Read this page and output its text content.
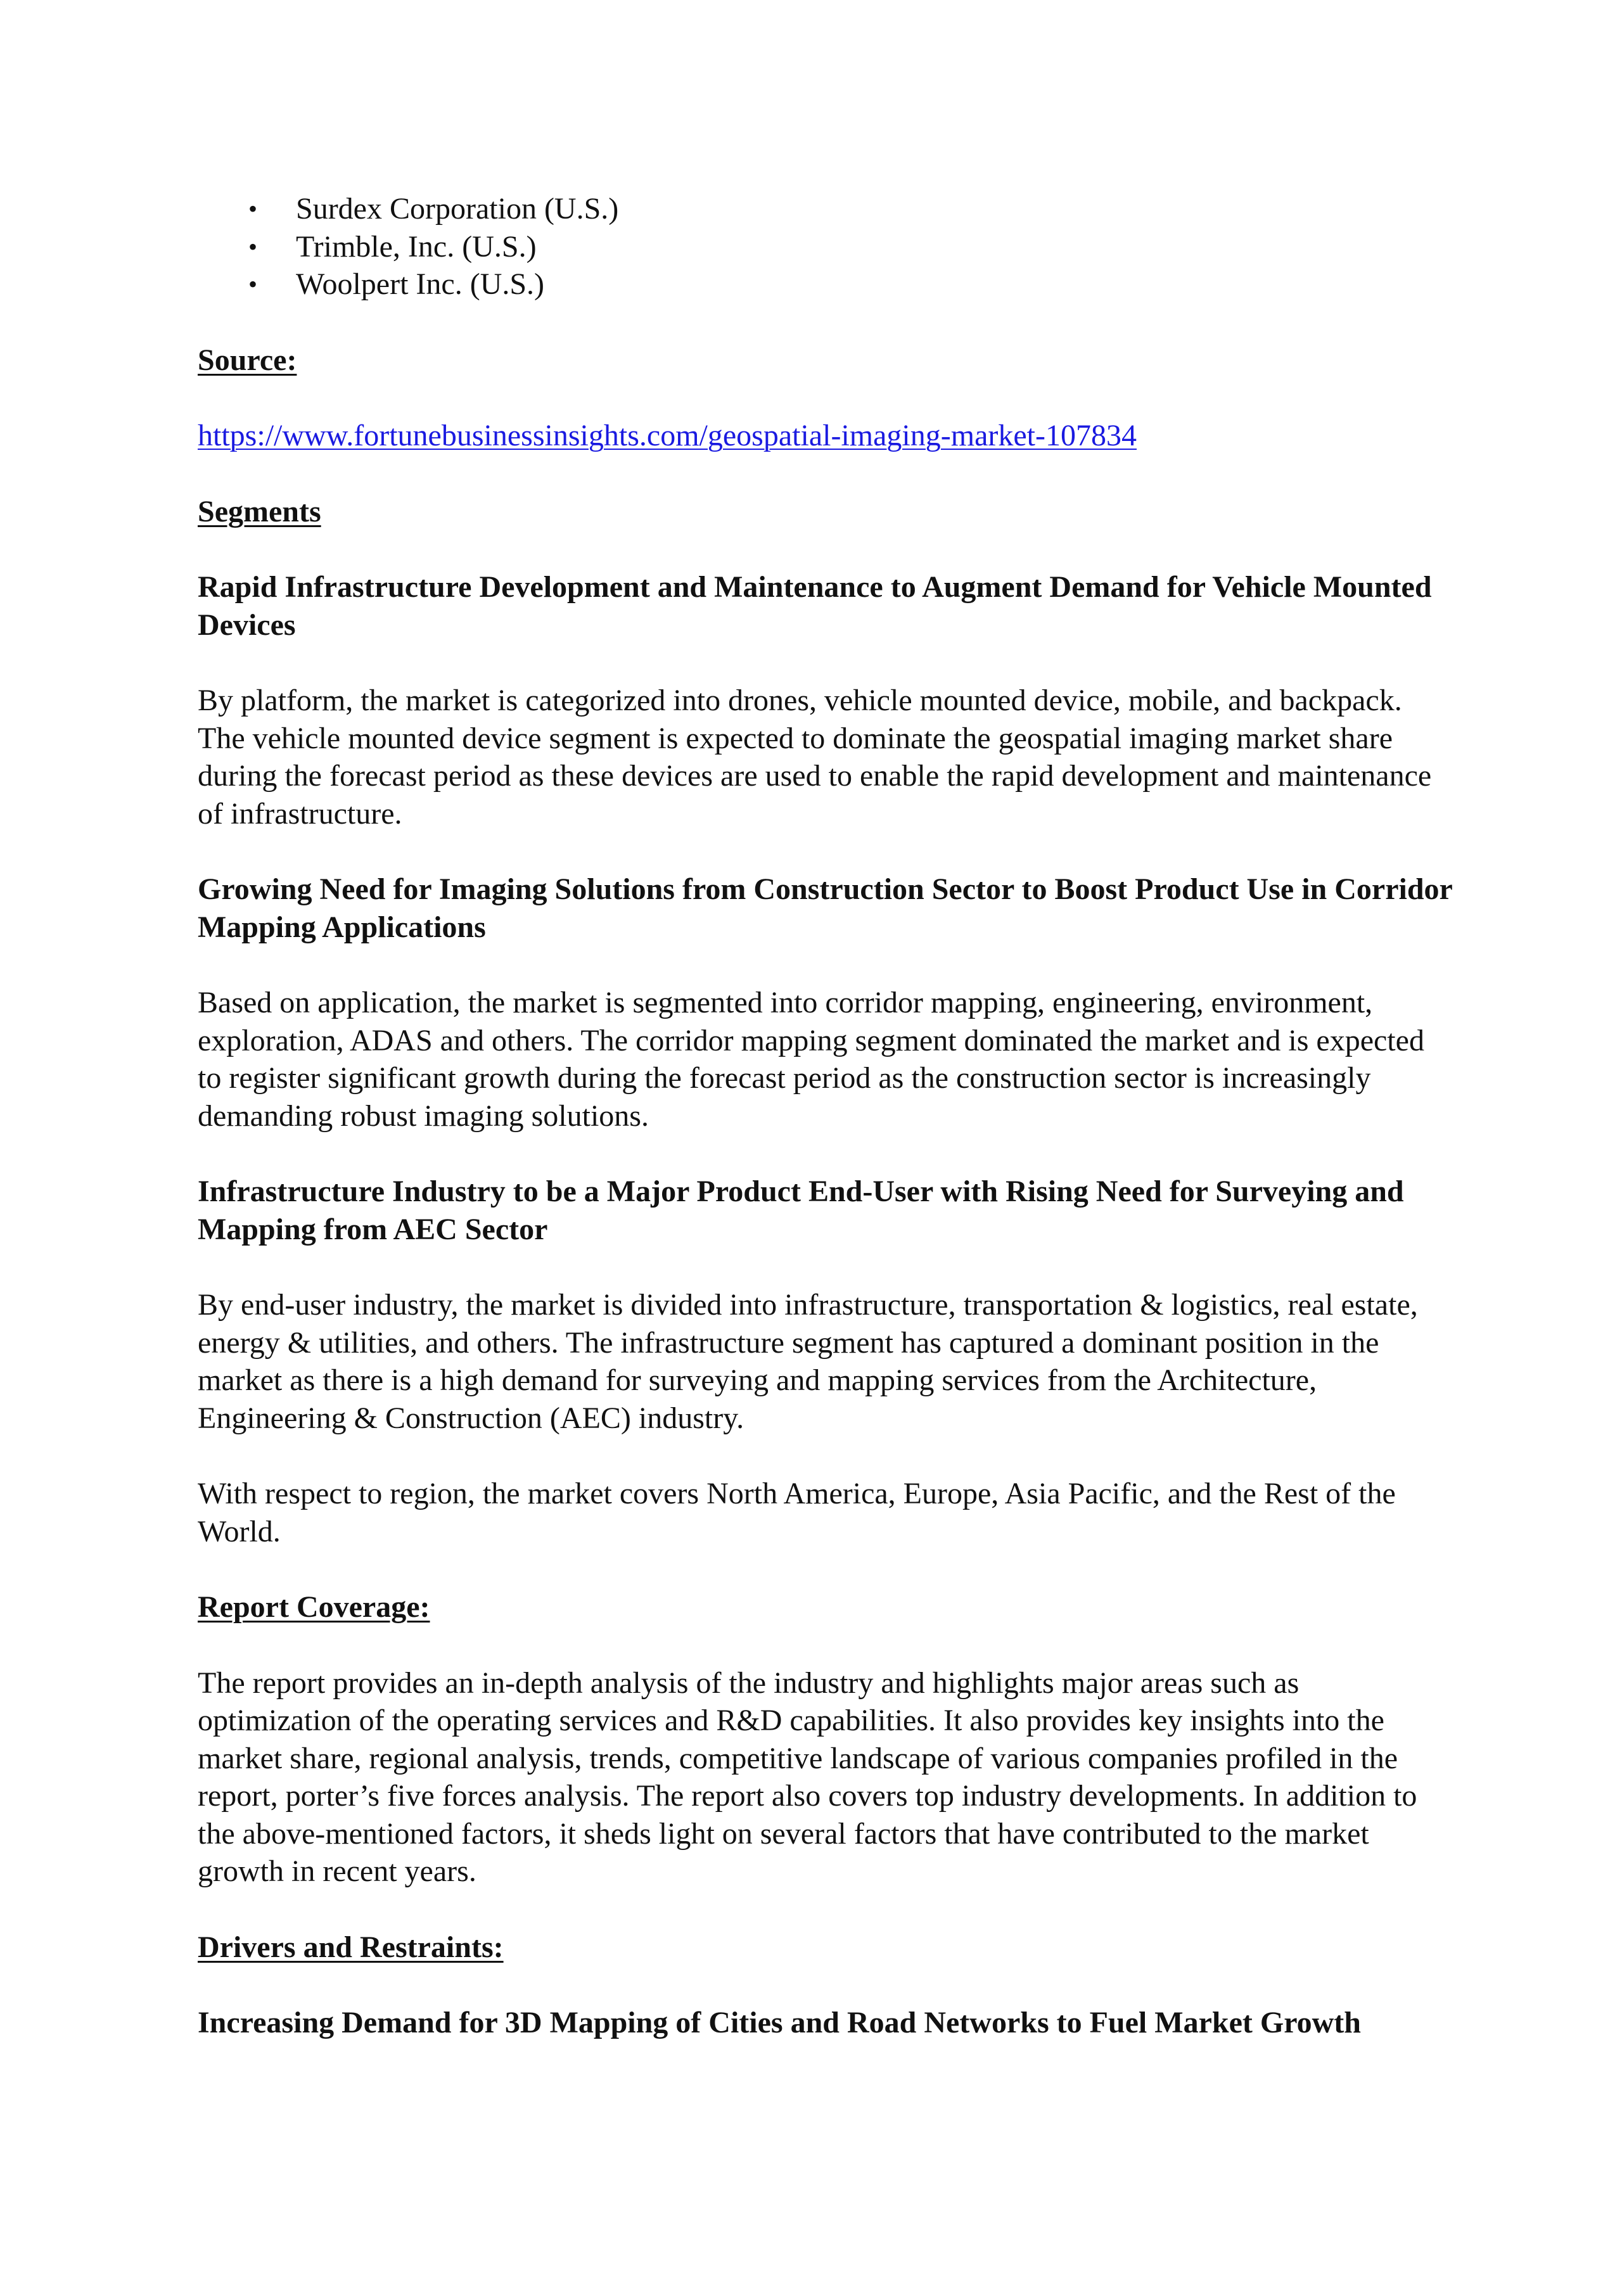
• Surdex Corporation (U.S.)
• Trimble, Inc. (U.S.)
• Woolpert Inc. (U.S.)

Source:

https://www.fortunebusinessinsights.com/geospatial-imaging-market-107834

Segments

Rapid Infrastructure Development and Maintenance to Augment Demand for Vehicle Mounted Devices

By platform, the market is categorized into drones, vehicle mounted device, mobile, and backpack. The vehicle mounted device segment is expected to dominate the geospatial imaging market share during the forecast period as these devices are used to enable the rapid development and maintenance of infrastructure.

Growing Need for Imaging Solutions from Construction Sector to Boost Product Use in Corridor Mapping Applications

Based on application, the market is segmented into corridor mapping, engineering, environment, exploration, ADAS and others. The corridor mapping segment dominated the market and is expected to register significant growth during the forecast period as the construction sector is increasingly demanding robust imaging solutions.

Infrastructure Industry to be a Major Product End-User with Rising Need for Surveying and Mapping from AEC Sector

By end-user industry, the market is divided into infrastructure, transportation & logistics, real estate, energy & utilities, and others. The infrastructure segment has captured a dominant position in the market as there is a high demand for surveying and mapping services from the Architecture, Engineering & Construction (AEC) industry.

With respect to region, the market covers North America, Europe, Asia Pacific, and the Rest of the World.

Report Coverage:

The report provides an in-depth analysis of the industry and highlights major areas such as optimization of the operating services and R&D capabilities. It also provides key insights into the market share, regional analysis, trends, competitive landscape of various companies profiled in the report, porter’s five forces analysis. The report also covers top industry developments. In addition to the above-mentioned factors, it sheds light on several factors that have contributed to the market growth in recent years.

Drivers and Restraints:

Increasing Demand for 3D Mapping of Cities and Road Networks to Fuel Market Growth
